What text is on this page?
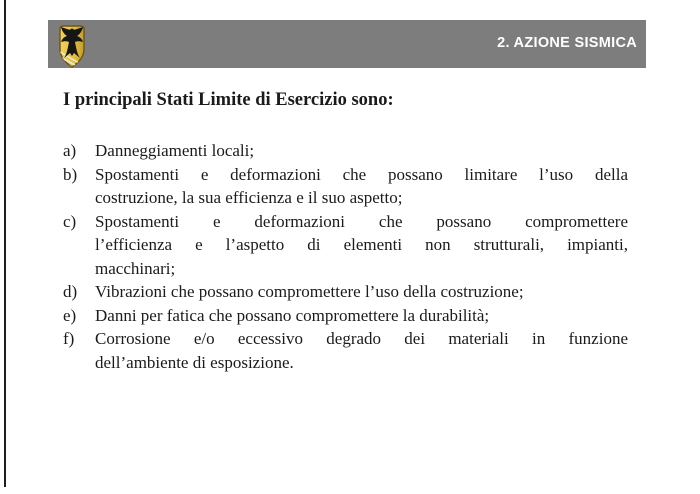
2. AZIONE SISMICA
I principali Stati Limite di Esercizio sono:
a)	Danneggiamenti locali;
b)	Spostamenti e deformazioni che possano limitare l’uso della
costruzione, la sua efficienza e il suo aspetto;
c)	Spostamenti e deformazioni che possano compromettere
l’efficienza e l’aspetto di elementi non strutturali, impianti,
macchinari;
d)	Vibrazioni che possano compromettere l’uso della costruzione;
e)	Danni per fatica che possano compromettere la durabilità;
f)	Corrosione e/o eccessivo degrado dei materiali in funzione
dell’ambiente di esposizione.
